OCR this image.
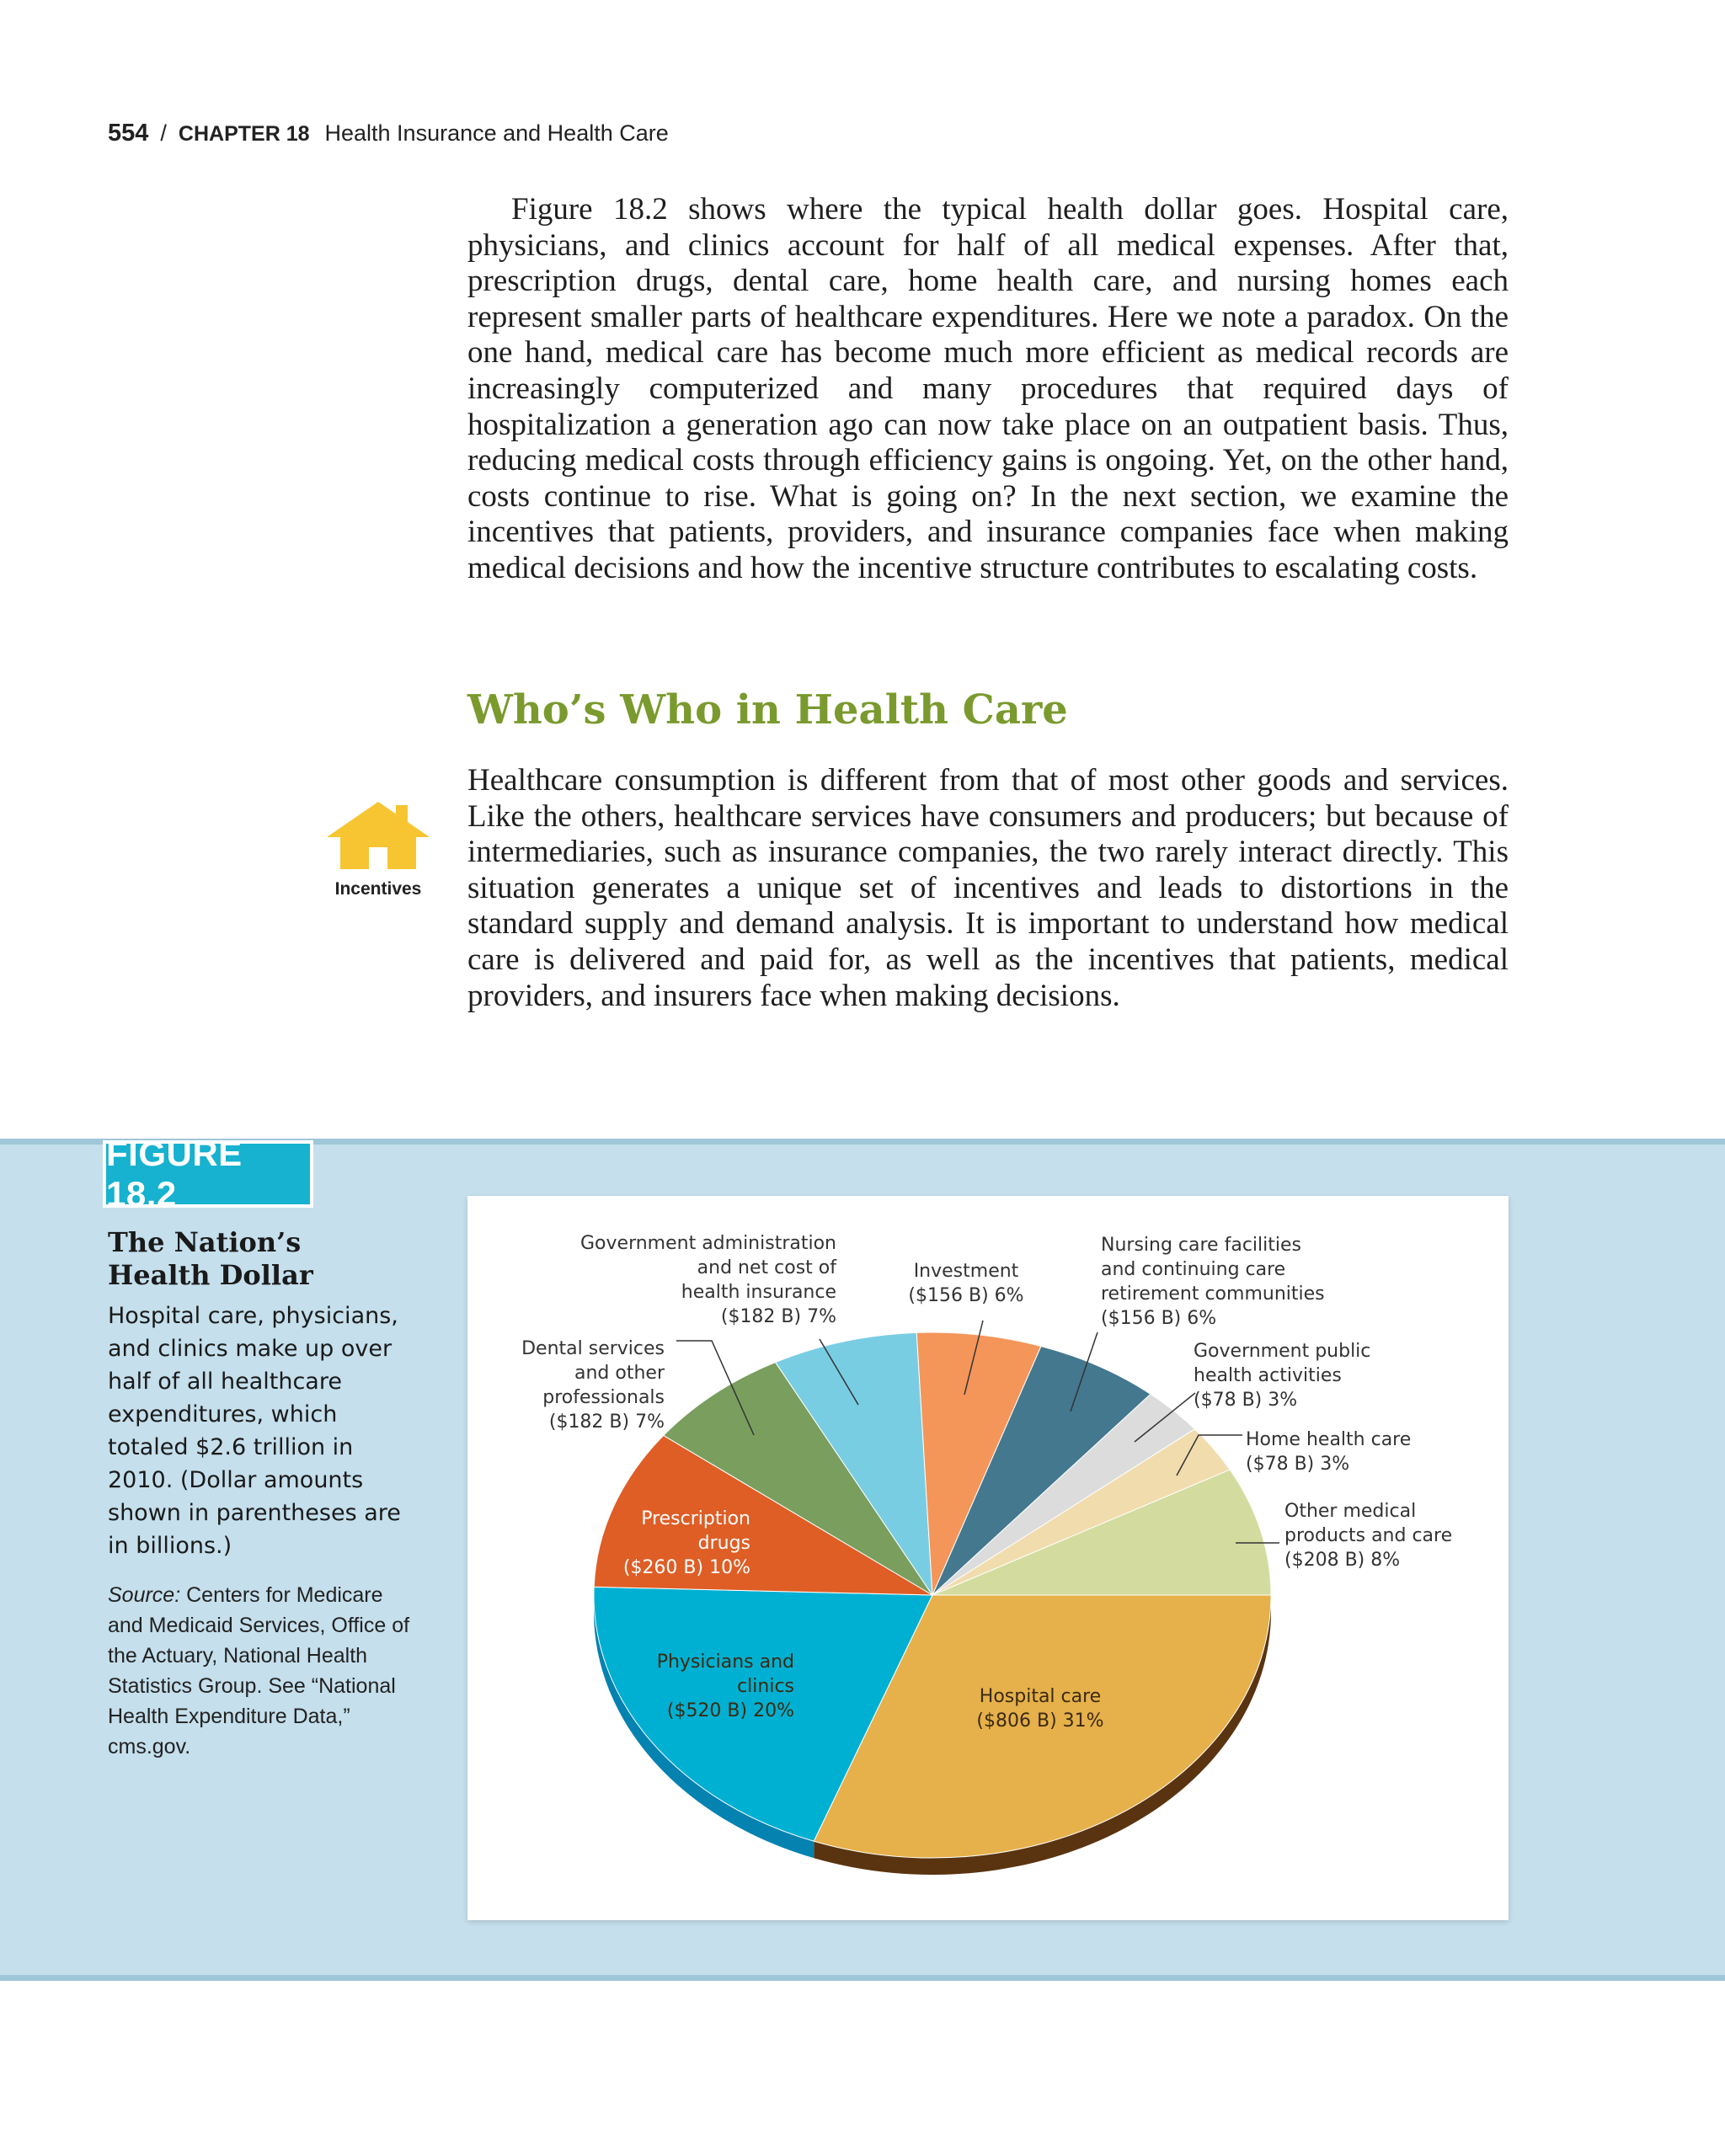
554 / CHAPTER 18 Health Insurance and Health Care

Figure 18.2 shows where the typical health dollar goes. Hospital care, physicians, and clinics account for half of all medical expenses. After that, prescription drugs, dental care, home health care, and nursing homes each represent smaller parts of healthcare expenditures. Here we note a paradox. On the one hand, medical care has become much more efficient as medical records are increasingly computerized and many procedures that required days of hospitalization a generation ago can now take place on an outpatient basis. Thus, reducing medical costs through efficiency gains is ongoing. Yet, on the other hand, costs continue to rise. What is going on? In the next section, we examine the incentives that patients, providers, and insurance companies face when making medical decisions and how the incentive structure contributes to escalating costs.

Who’s Who in Health Care

Healthcare consumption is different from that of most other goods and services. Like the others, healthcare services have consumers and producers; but because of intermediaries, such as insurance companies, the two rarely interact directly. This situation generates a unique set of incentives and leads to distortions in the standard supply and demand analysis. It is important to understand how medical care is delivered and paid for, as well as the incentives that patients, medical providers, and insurers face when making decisions.

Incentives
FIGURE 18.2
The Nation’s Health Dollar

Hospital care, physicians, and clinics make up over half of all healthcare expenditures, which totaled $2.6 trillion in 2010. (Dollar amounts shown in parentheses are in billions.)

Source: Centers for Medicare and Medicaid Services, Office of the Actuary, National Health Statistics Group. See “National Health Expenditure Data,” cms.gov.

Hospital care ($806 B) 31%
Physicians and clinics ($520 B) 20%
Prescription drugs ($260 B) 10%
Dental services and other professionals ($182 B) 7%
Government administration and net cost of health insurance ($182 B) 7%
Investment ($156 B) 6%
Nursing care facilities and continuing care retirement communities ($156 B) 6%
Government public health activities ($78 B) 3%
Home health care ($78 B) 3%
Other medical products and care ($208 B) 8%
